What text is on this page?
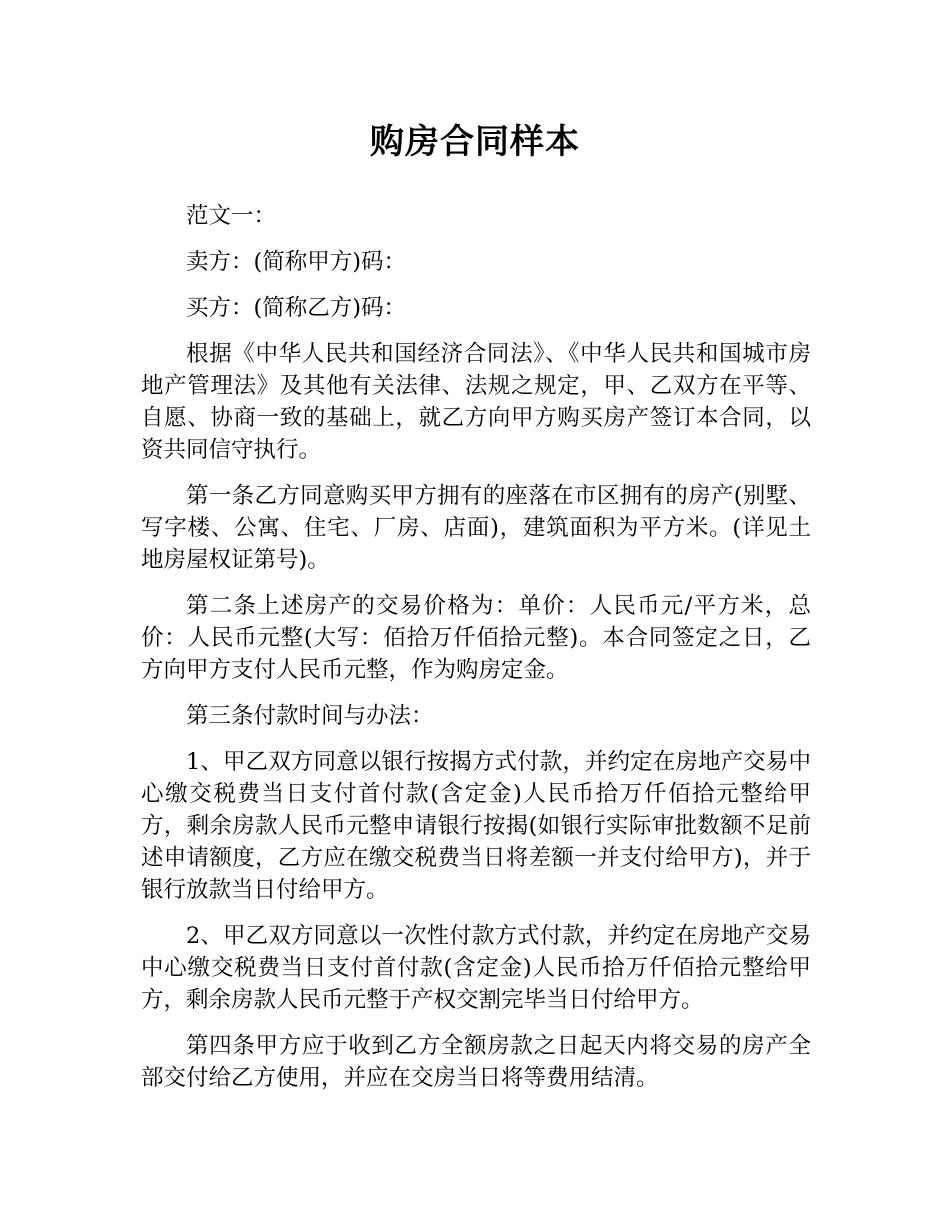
购房合同样本

范文一：

卖方：(简称甲方)码：

买方：(简称乙方)码：

根据《中华人民共和国经济合同法》、《中华人民共和国城市房地产管理法》及其他有关法律、法规之规定，甲、乙双方在平等、自愿、协商一致的基础上，就乙方向甲方购买房产签订本合同，以资共同信守执行。

第一条乙方同意购买甲方拥有的座落在市区拥有的房产(别墅、写字楼、公寓、住宅、厂房、店面)，建筑面积为平方米。(详见土地房屋权证第号)。

第二条上述房产的交易价格为：单价：人民币元/平方米，总价：人民币元整(大写：佰拾万仟佰拾元整)。本合同签定之日，乙方向甲方支付人民币元整，作为购房定金。

第三条付款时间与办法：

1、甲乙双方同意以银行按揭方式付款，并约定在房地产交易中心缴交税费当日支付首付款(含定金)人民币拾万仟佰拾元整给甲方，剩余房款人民币元整申请银行按揭(如银行实际审批数额不足前述申请额度，乙方应在缴交税费当日将差额一并支付给甲方)，并于银行放款当日付给甲方。

2、甲乙双方同意以一次性付款方式付款，并约定在房地产交易中心缴交税费当日支付首付款(含定金)人民币拾万仟佰拾元整给甲方，剩余房款人民币元整于产权交割完毕当日付给甲方。

第四条甲方应于收到乙方全额房款之日起天内将交易的房产全部交付给乙方使用，并应在交房当日将等费用结清。
